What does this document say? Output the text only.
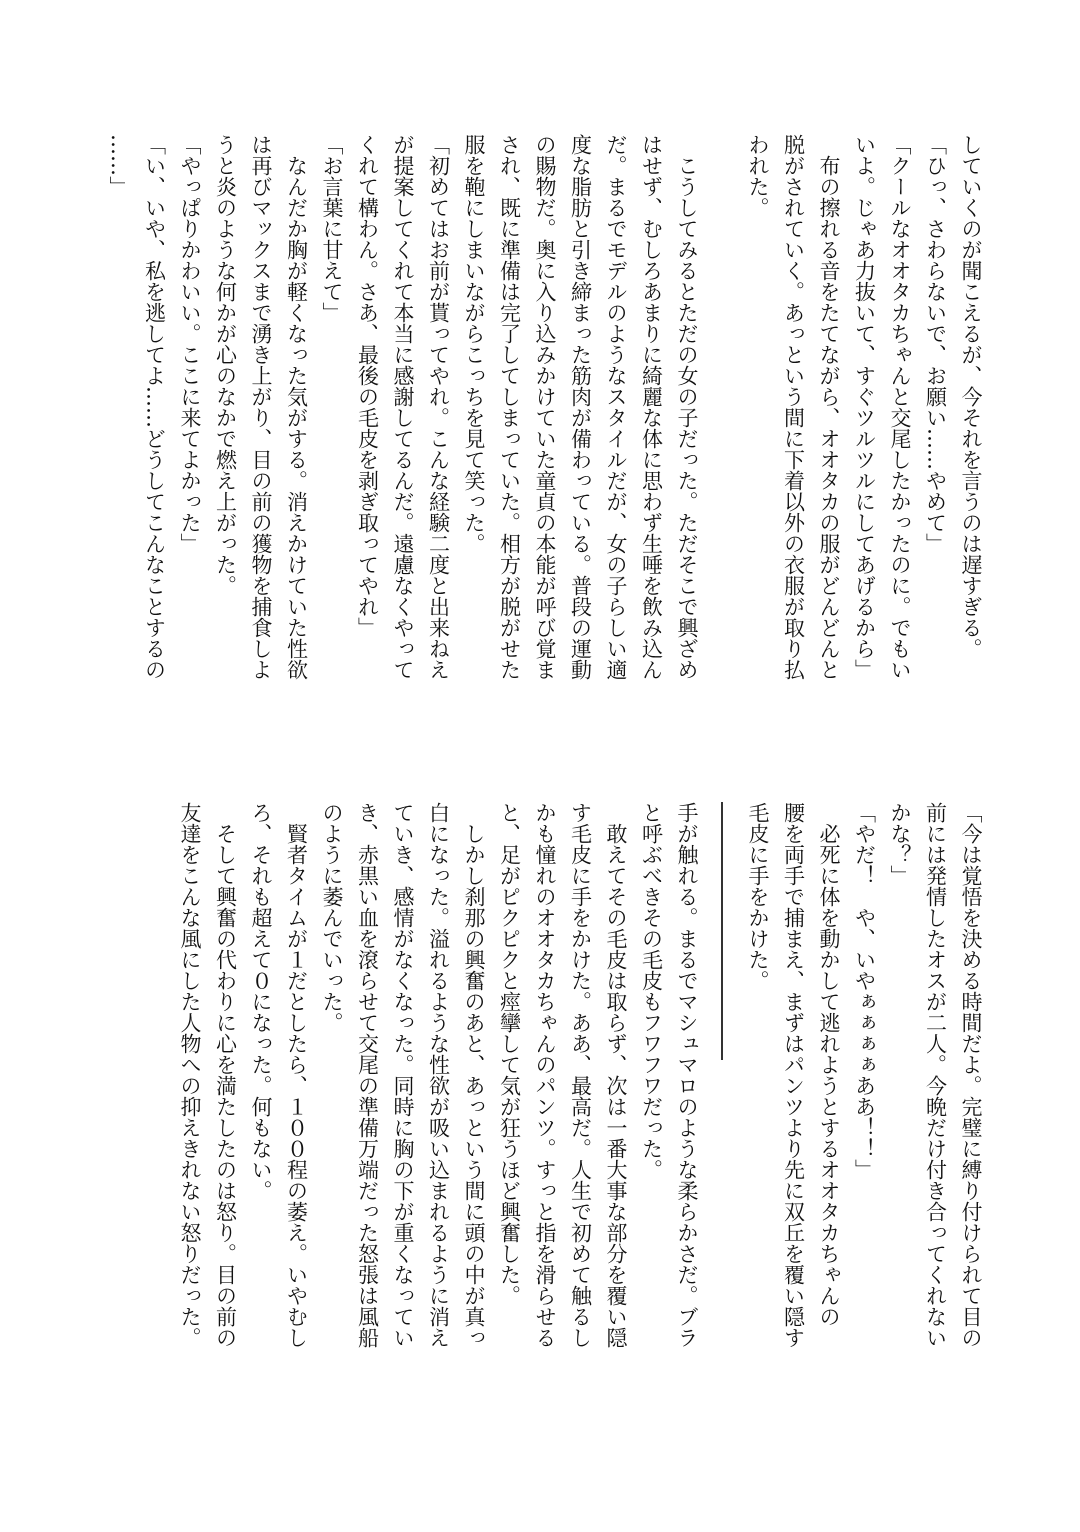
していくのが聞こえるが、今それを言うのは遅すぎる。
「ひっ、さわらないで、お願い……やめて」
「クールなオオタカちゃんと交尾したかったのに。でもい
いよ。じゃあ力抜いて、すぐツルツルにしてあげるから」
　布の擦れる音をたてながら、オオタカの服がどんどんと
脱がされていく。あっという間に下着以外の衣服が取り払
われた。
　こうしてみるとただの女の子だった。ただそこで興ざめ
はせず、むしろあまりに綺麗な体に思わず生唾を飲み込ん
だ。まるでモデルのようなスタイルだが、女の子らしい適
度な脂肪と引き締まった筋肉が備わっている。普段の運動
の賜物だ。奥に入り込みかけていた童貞の本能が呼び覚ま
され、既に準備は完了してしまっていた。相方が脱がせた
服を鞄にしまいながらこっちを見て笑った。
「初めてはお前が貰ってやれ。こんな経験二度と出来ねえ
が提案してくれて本当に感謝してるんだ。遠慮なくやって
くれて構わん。さあ、最後の毛皮を剥ぎ取ってやれ」
「お言葉に甘えて」
　なんだか胸が軽くなった気がする。消えかけていた性欲
は再びマックスまで湧き上がり、目の前の獲物を捕食しよ
うと炎のような何かが心のなかで燃え上がった。
「やっぱりかわいい。ここに来てよかった」
「い、いや、私を逃してよ……どうしてこんなことするの
……」
「今は覚悟を決める時間だよ。完璧に縛り付けられて目の
前には発情したオスが二人。今晩だけ付き合ってくれない
かな？」
「やだ！　や、いやぁぁぁぁああ！！」
　必死に体を動かして逃れようとするオオタカちゃんの
腰を両手で捕まえ、まずはパンツより先に双丘を覆い隠す
毛皮に手をかけた。
手が触れる。まるでマシュマロのような柔らかさだ。ブラ
と呼ぶべきその毛皮もフワフワだった。
　敢えてその毛皮は取らず、次は一番大事な部分を覆い隠
す毛皮に手をかけた。ああ、最高だ。人生で初めて触るし
かも憧れのオオタカちゃんのパンツ。すっと指を滑らせる
と、足がピクピクと痙攣して気が狂うほど興奮した。
　しかし刹那の興奮のあと、あっという間に頭の中が真っ
白になった。溢れるような性欲が吸い込まれるように消え
ていき、感情がなくなった。同時に胸の下が重くなってい
き、赤黒い血を滾らせて交尾の準備万端だった怒張は風船
のように萎んでいった。
　賢者タイムが１だとしたら、１００程の萎え。いやむし
ろ、それも超えて０になった。何もない。
　そして興奮の代わりに心を満たしたのは怒り。目の前の
友達をこんな風にした人物への抑えきれない怒りだった。
